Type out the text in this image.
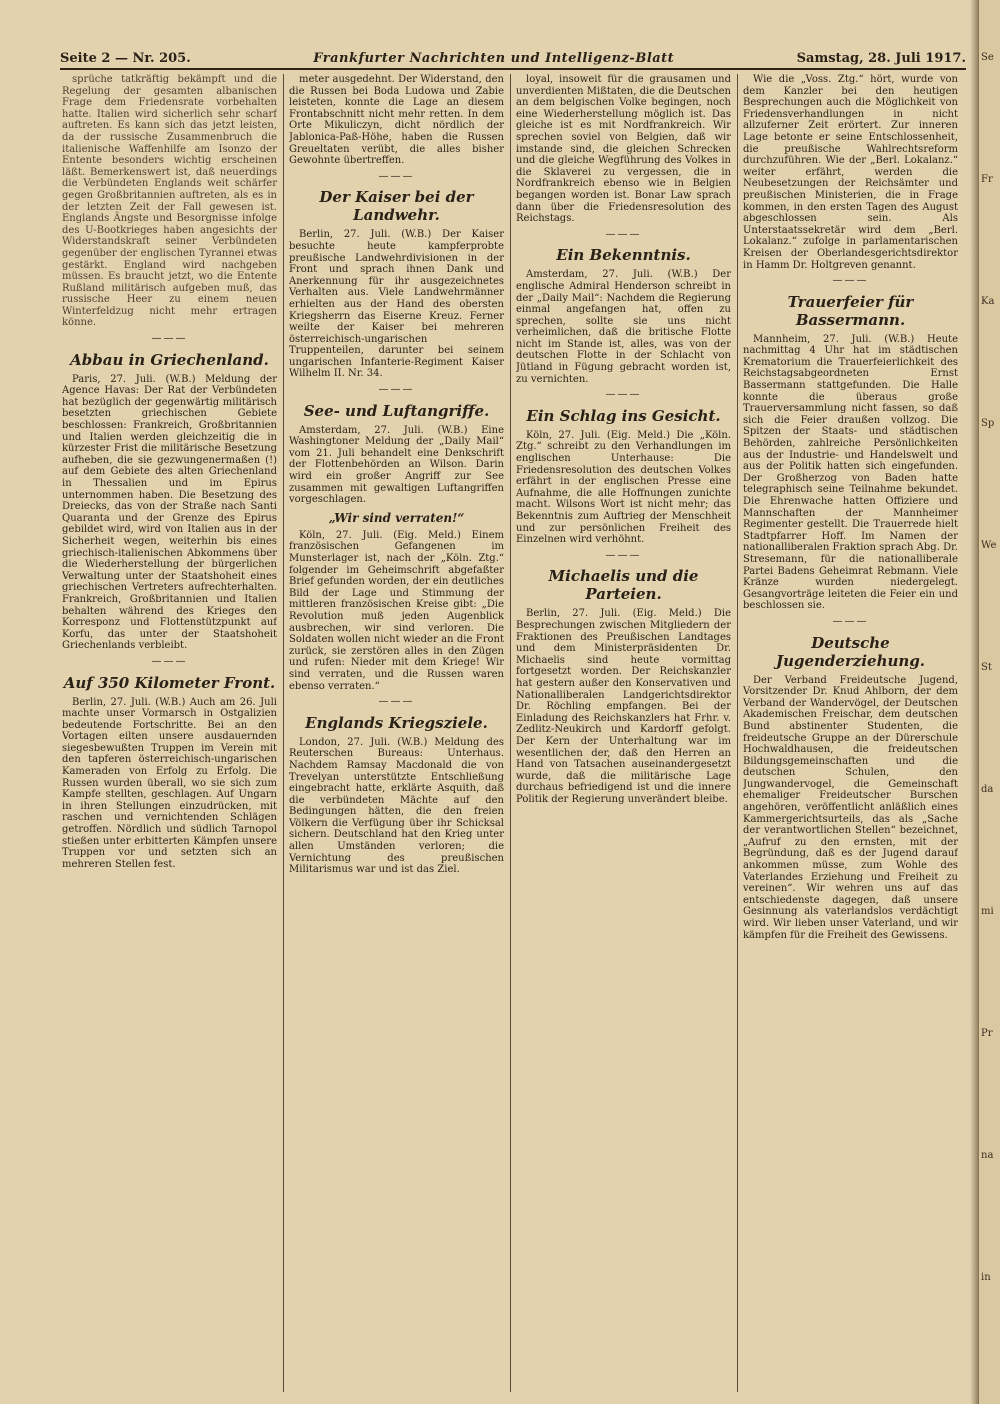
Seite 2 — Nr. 205.	Frankfurter Nachrichten und Intelligenz-Blatt	Samstag, 28. Juli 1917.

sprüche tatkräftig bekämpft und die Regelung der gesamten albanischen Frage dem Friedensrate vorbehalten hatte. Italien wird sicherlich sehr scharf auftreten. Es kann sich das jetzt leisten, da der russische Zusammenbruch die italienische Waffenhilfe am Isonzo der Entente besonders wichtig erscheinen läßt. Bemerkenswert ist, daß neuerdings die Verbündeten Englands weit schärfer gegen Großbritannien auftreten, als es in der letzten Zeit der Fall gewesen ist. Englands Ängste und Besorgnisse infolge des U-Bootkrieges haben angesichts der Widerstandskraft seiner Verbündeten gegenüber der englischen Tyrannei etwas gestärkt. England wird nachgeben müssen. Es braucht jetzt, wo die Entente Rußland militärisch aufgeben muß, das russische Heer zu einem neuen Winterfeldzug nicht mehr ertragen könne.

———
Abbau in Griechenland.

Paris, 27. Juli. (W.B.) Meldung der Agence Havas: Der Rat der Verbündeten hat bezüglich der gegenwärtig militärisch besetzten griechischen Gebiete beschlossen: Frankreich, Großbritannien und Italien werden gleichzeitig die in kürzester Frist die militärische Besetzung aufheben, die sie gezwungenermaßen (!) auf dem Gebiete des alten Griechenland in Thessalien und im Epirus unternommen haben. Die Besetzung des Dreiecks, das von der Straße nach Santi Quaranta und der Grenze des Epirus gebildet wird, wird von Italien aus in der Sicherheit wegen, weiterhin bis eines griechisch-italienischen Abkommens über die Wiederherstellung der bürgerlichen Verwaltung unter der Staatshoheit eines griechischen Vertreters aufrechterhalten. Frankreich, Großbritannien und Italien behalten während des Krieges den Korresponz und Flottenstützpunkt auf Korfu, das unter der Staatshoheit Griechenlands verbleibt.

———
Auf 350 Kilometer Front.

Berlin, 27. Juli. (W.B.) Auch am 26. Juli machte unser Vormarsch in Ostgalizien bedeutende Fortschritte. Bei an den Vortagen eilten unsere ausdauernden siegesbewußten Truppen im Verein mit den tapferen österreichisch-ungarischen Kameraden von Erfolg zu Erfolg. Die Russen wurden überall, wo sie sich zum Kampfe stellten, geschlagen. Auf Ungarn in ihren Stellungen einzudrücken, mit raschen und vernichtenden Schlägen getroffen. Nördlich und südlich Tarnopol stießen unter erbitterten Kämpfen unsere Truppen vor und setzten sich an mehreren Stellen fest.

meter ausgedehnt. Der Widerstand, den die Russen bei Boda Ludowa und Zabie leisteten, konnte die Lage an diesem Frontabschnitt nicht mehr retten. In dem Orte Mikuliczyn, dicht nördlich der Jablonica-Paß-Höhe, haben die Russen Greueltaten verübt, die alles bisher Gewohnte übertreffen.

———
Der Kaiser bei der Landwehr.

Berlin, 27. Juli. (W.B.) Der Kaiser besuchte heute kampferprobte preußische Landwehrdivisionen in der Front und sprach ihnen Dank und Anerkennung für ihr ausgezeichnetes Verhalten aus. Viele Landwehrmänner erhielten aus der Hand des obersten Kriegsherrn das Eiserne Kreuz. Ferner weilte der Kaiser bei mehreren österreichisch-ungarischen Truppenteilen, darunter bei seinem ungarischen Infanterie-Regiment Kaiser Wilhelm II. Nr. 34.

———
See- und Luftangriffe.

Amsterdam, 27. Juli. (W.B.) Eine Washingtoner Meldung der „Daily Mail“ vom 21. Juli behandelt eine Denkschrift der Flottenbehörden an Wilson. Darin wird ein großer Angriff zur See zusammen mit gewaltigen Luftangriffen vorgeschlagen.

„Wir sind verraten!“

Köln, 27. Juli. (Eig. Meld.) Einem französischen Gefangenen im Munsterlager ist, nach der „Köln. Ztg.“ folgender im Geheimschrift abgefaßter Brief gefunden worden, der ein deutliches Bild der Lage und Stimmung der mittleren französischen Kreise gibt: „Die Revolution muß jeden Augenblick ausbrechen, wir sind verloren. Die Soldaten wollen nicht wieder an die Front zurück, sie zerstören alles in den Zügen und rufen: Nieder mit dem Kriege! Wir sind verraten, und die Russen waren ebenso verraten.“

———
Englands Kriegsziele.

London, 27. Juli. (W.B.) Meldung des Reuterschen Bureaus: Unterhaus. Nachdem Ramsay Macdonald die von Trevelyan unterstützte Entschließung eingebracht hatte, erklärte Asquith, daß die verbündeten Mächte auf den Bedingungen hätten, die den freien Völkern die Verfügung über ihr Schicksal sichern. Deutschland hat den Krieg unter allen Umständen verloren; die Vernichtung des preußischen Militarismus war und ist das Ziel.

loyal, insoweit für die grausamen und unverdienten Mißtaten, die die Deutschen an dem belgischen Volke begingen, noch eine Wiederherstellung möglich ist. Das gleiche ist es mit Nordfrankreich. Wir sprechen soviel von Belgien, daß wir imstande sind, die gleichen Schrecken und die gleiche Wegführung des Volkes in die Sklaverei zu vergessen, die in Nordfrankreich ebenso wie in Belgien begangen worden ist. Bonar Law sprach dann über die Friedensresolution des Reichstags.

———
Ein Bekenntnis.

Amsterdam, 27. Juli. (W.B.) Der englische Admiral Henderson schreibt in der „Daily Mail“: Nachdem die Regierung einmal angefangen hat, offen zu sprechen, sollte sie uns nicht verheimlichen, daß die britische Flotte nicht im Stande ist, alles, was von der deutschen Flotte in der Schlacht von Jütland in Fügung gebracht worden ist, zu vernichten.

———
Ein Schlag ins Gesicht.

Köln, 27. Juli. (Eig. Meld.) Die „Köln. Ztg.“ schreibt zu den Verhandlungen im englischen Unterhause: Die Friedensresolution des deutschen Volkes erfährt in der englischen Presse eine Aufnahme, die alle Hoffnungen zunichte macht. Wilsons Wort ist nicht mehr; das Bekenntnis zum Auftrieg der Menschheit und zur persönlichen Freiheit des Einzelnen wird verhöhnt.

———
Michaelis und die Parteien.

Berlin, 27. Juli. (Eig. Meld.) Die Besprechungen zwischen Mitgliedern der Fraktionen des Preußischen Landtages und dem Ministerpräsidenten Dr. Michaelis sind heute vormittag fortgesetzt worden. Der Reichskanzler hat gestern außer den Konservativen und Nationalliberalen Landgerichtsdirektor Dr. Röchling empfangen. Bei der Einladung des Reichskanzlers hat Frhr. v. Zedlitz-Neukirch und Kardorff gefolgt. Der Kern der Unterhaltung war im wesentlichen der, daß den Herren an Hand von Tatsachen auseinandergesetzt wurde, daß die militärische Lage durchaus befriedigend ist und die innere Politik der Regierung unverändert bleibe.

Wie die „Voss. Ztg.“ hört, wurde von dem Kanzler bei den heutigen Besprechungen auch die Möglichkeit von Friedensverhandlungen in nicht allzuferner Zeit erörtert. Zur inneren Lage betonte er seine Entschlossenheit, die preußische Wahlrechtsreform durchzuführen. Wie der „Berl. Lokalanz.“ weiter erfährt, werden die Neubesetzungen der Reichsämter und preußischen Ministerien, die in Frage kommen, in den ersten Tagen des August abgeschlossen sein. Als Unterstaatssekretär wird dem „Berl. Lokalanz.“ zufolge in parlamentarischen Kreisen der Oberlandesgerichtsdirektor in Hamm Dr. Holtgreven genannt.

———
Trauerfeier für Bassermann.

Mannheim, 27. Juli. (W.B.) Heute nachmittag 4 Uhr hat im städtischen Krematorium die Trauerfeierlichkeit des Reichstagsabgeordneten Ernst Bassermann stattgefunden. Die Halle konnte die überaus große Trauerversammlung nicht fassen, so daß sich die Feier draußen vollzog. Die Spitzen der Staats- und städtischen Behörden, zahlreiche Persönlichkeiten aus der Industrie- und Handelswelt und aus der Politik hatten sich eingefunden. Der Großherzog von Baden hatte telegraphisch seine Teilnahme bekundet. Die Ehrenwache hatten Offiziere und Mannschaften der Mannheimer Regimenter gestellt. Die Trauerrede hielt Stadtpfarrer Hoff. Im Namen der nationalliberalen Fraktion sprach Abg. Dr. Stresemann, für die nationalliberale Partei Badens Geheimrat Rebmann. Viele Kränze wurden niedergelegt. Gesangvorträge leiteten die Feier ein und beschlossen sie.

———
Deutsche Jugenderziehung.

Der Verband Freideutsche Jugend, Vorsitzender Dr. Knud Ahlborn, der dem Verband der Wandervögel, der Deutschen Akademischen Freischar, dem deutschen Bund abstinenter Studenten, die freideutsche Gruppe an der Dürerschule Hochwaldhausen, die freideutschen Bildungsgemeinschaften und die deutschen Schulen, den Jungwandervogel, die Gemeinschaft ehemaliger Freideutscher Burschen angehören, veröffentlicht anläßlich eines Kammergerichtsurteils, das als „Sache der verantwortlichen Stellen“ bezeichnet, „Aufruf zu den ernsten, mit der Begründung, daß es der Jugend darauf ankommen müsse, zum Wohle des Vaterlandes Erziehung und Freiheit zu vereinen“. Wir wehren uns auf das entschiedenste dagegen, daß unsere Gesinnung als vaterlandslos verdächtigt wird. Wir lieben unser Vaterland, und wir kämpfen für die Freiheit des Gewissens.

Se
Fr
Ka
Sp
We
St
da
mi
Pr
na
in
